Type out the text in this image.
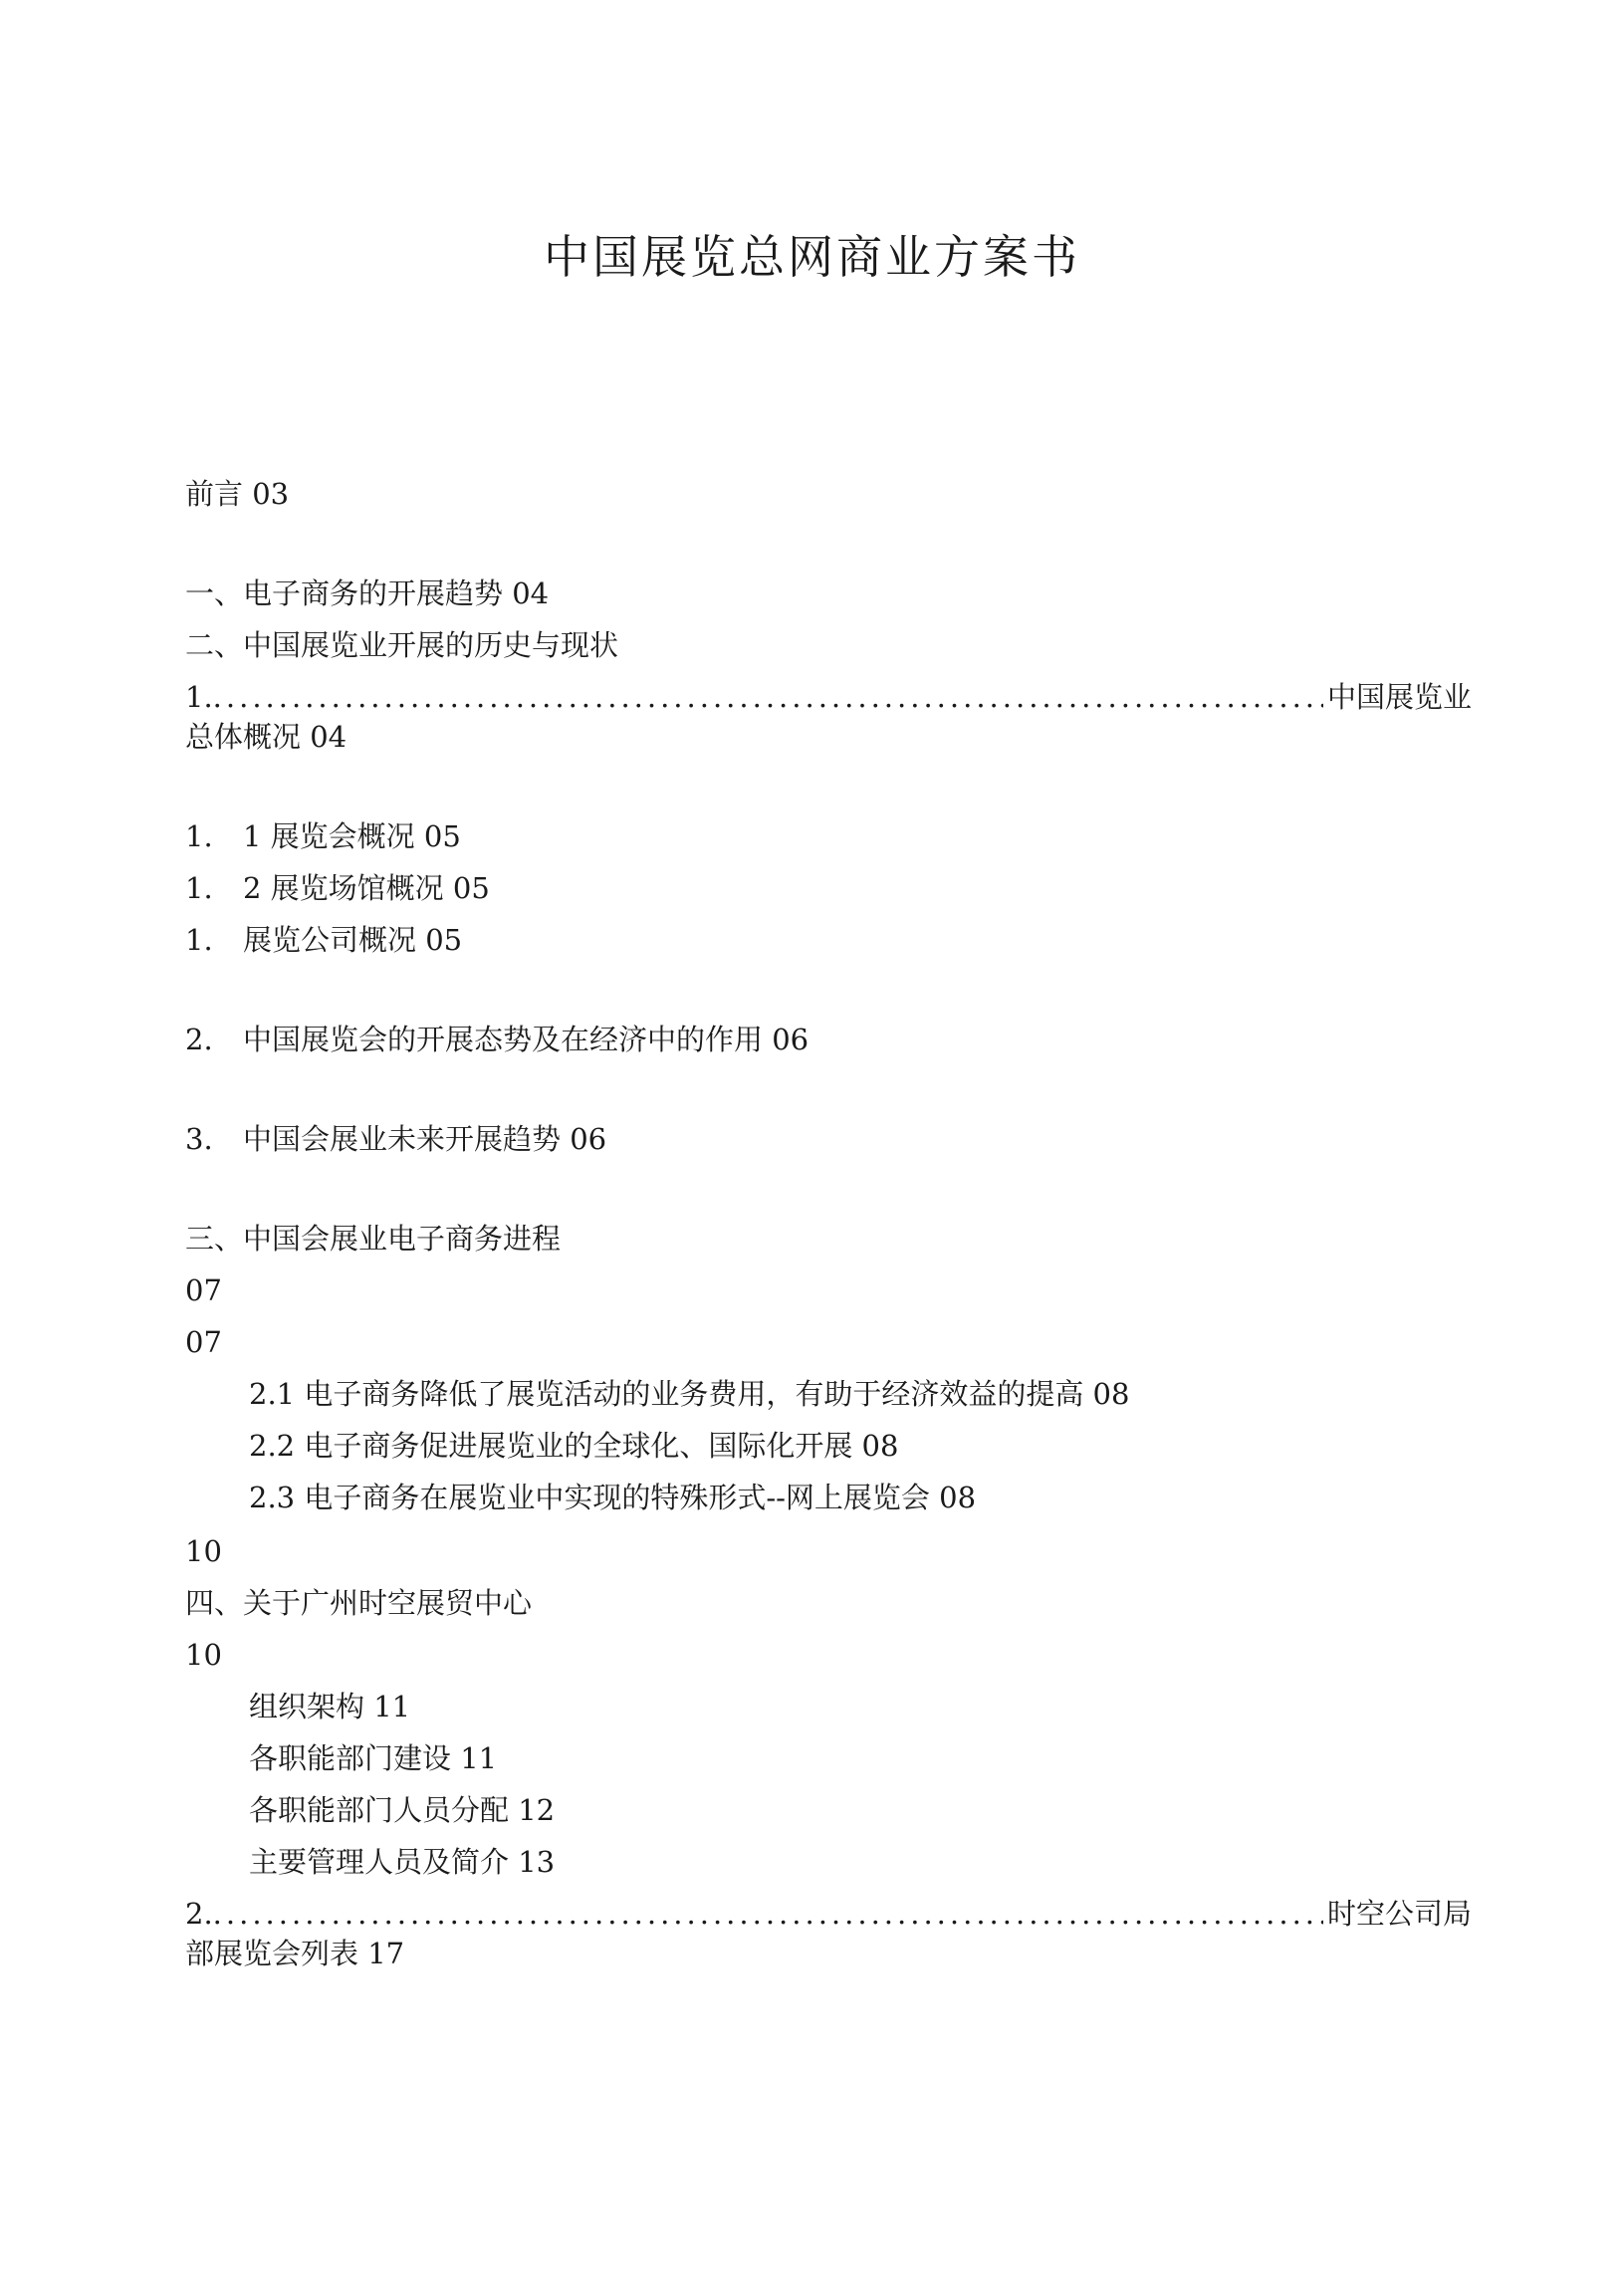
中国展览总网商业方案书
前言 03
一、电子商务的开展趋势 04
二、中国展览业开展的历史与现状
1. .....	中国展览业
总体概况 04
1. 1 展览会概况 05
1. 2 展览场馆概况 05
1. 展览公司概况 05
2. 中国展览会的开展态势及在经济中的作用 06
3. 中国会展业未来开展趋势 06
三、中国会展业电子商务进程
07
07
2.1 电子商务降低了展览活动的业务费用，有助于经济效益的提高 08
2.2 电子商务促进展览业的全球化、国际化开展 08
2.3 电子商务在展览业中实现的特殊形式--网上展览会 08
10
四、关于广州时空展贸中心
10
组织架构 11
各职能部门建设 11
各职能部门人员分配 12
主要管理人员及简介 13
2. .....	时空公司局
部展览会列表 17
